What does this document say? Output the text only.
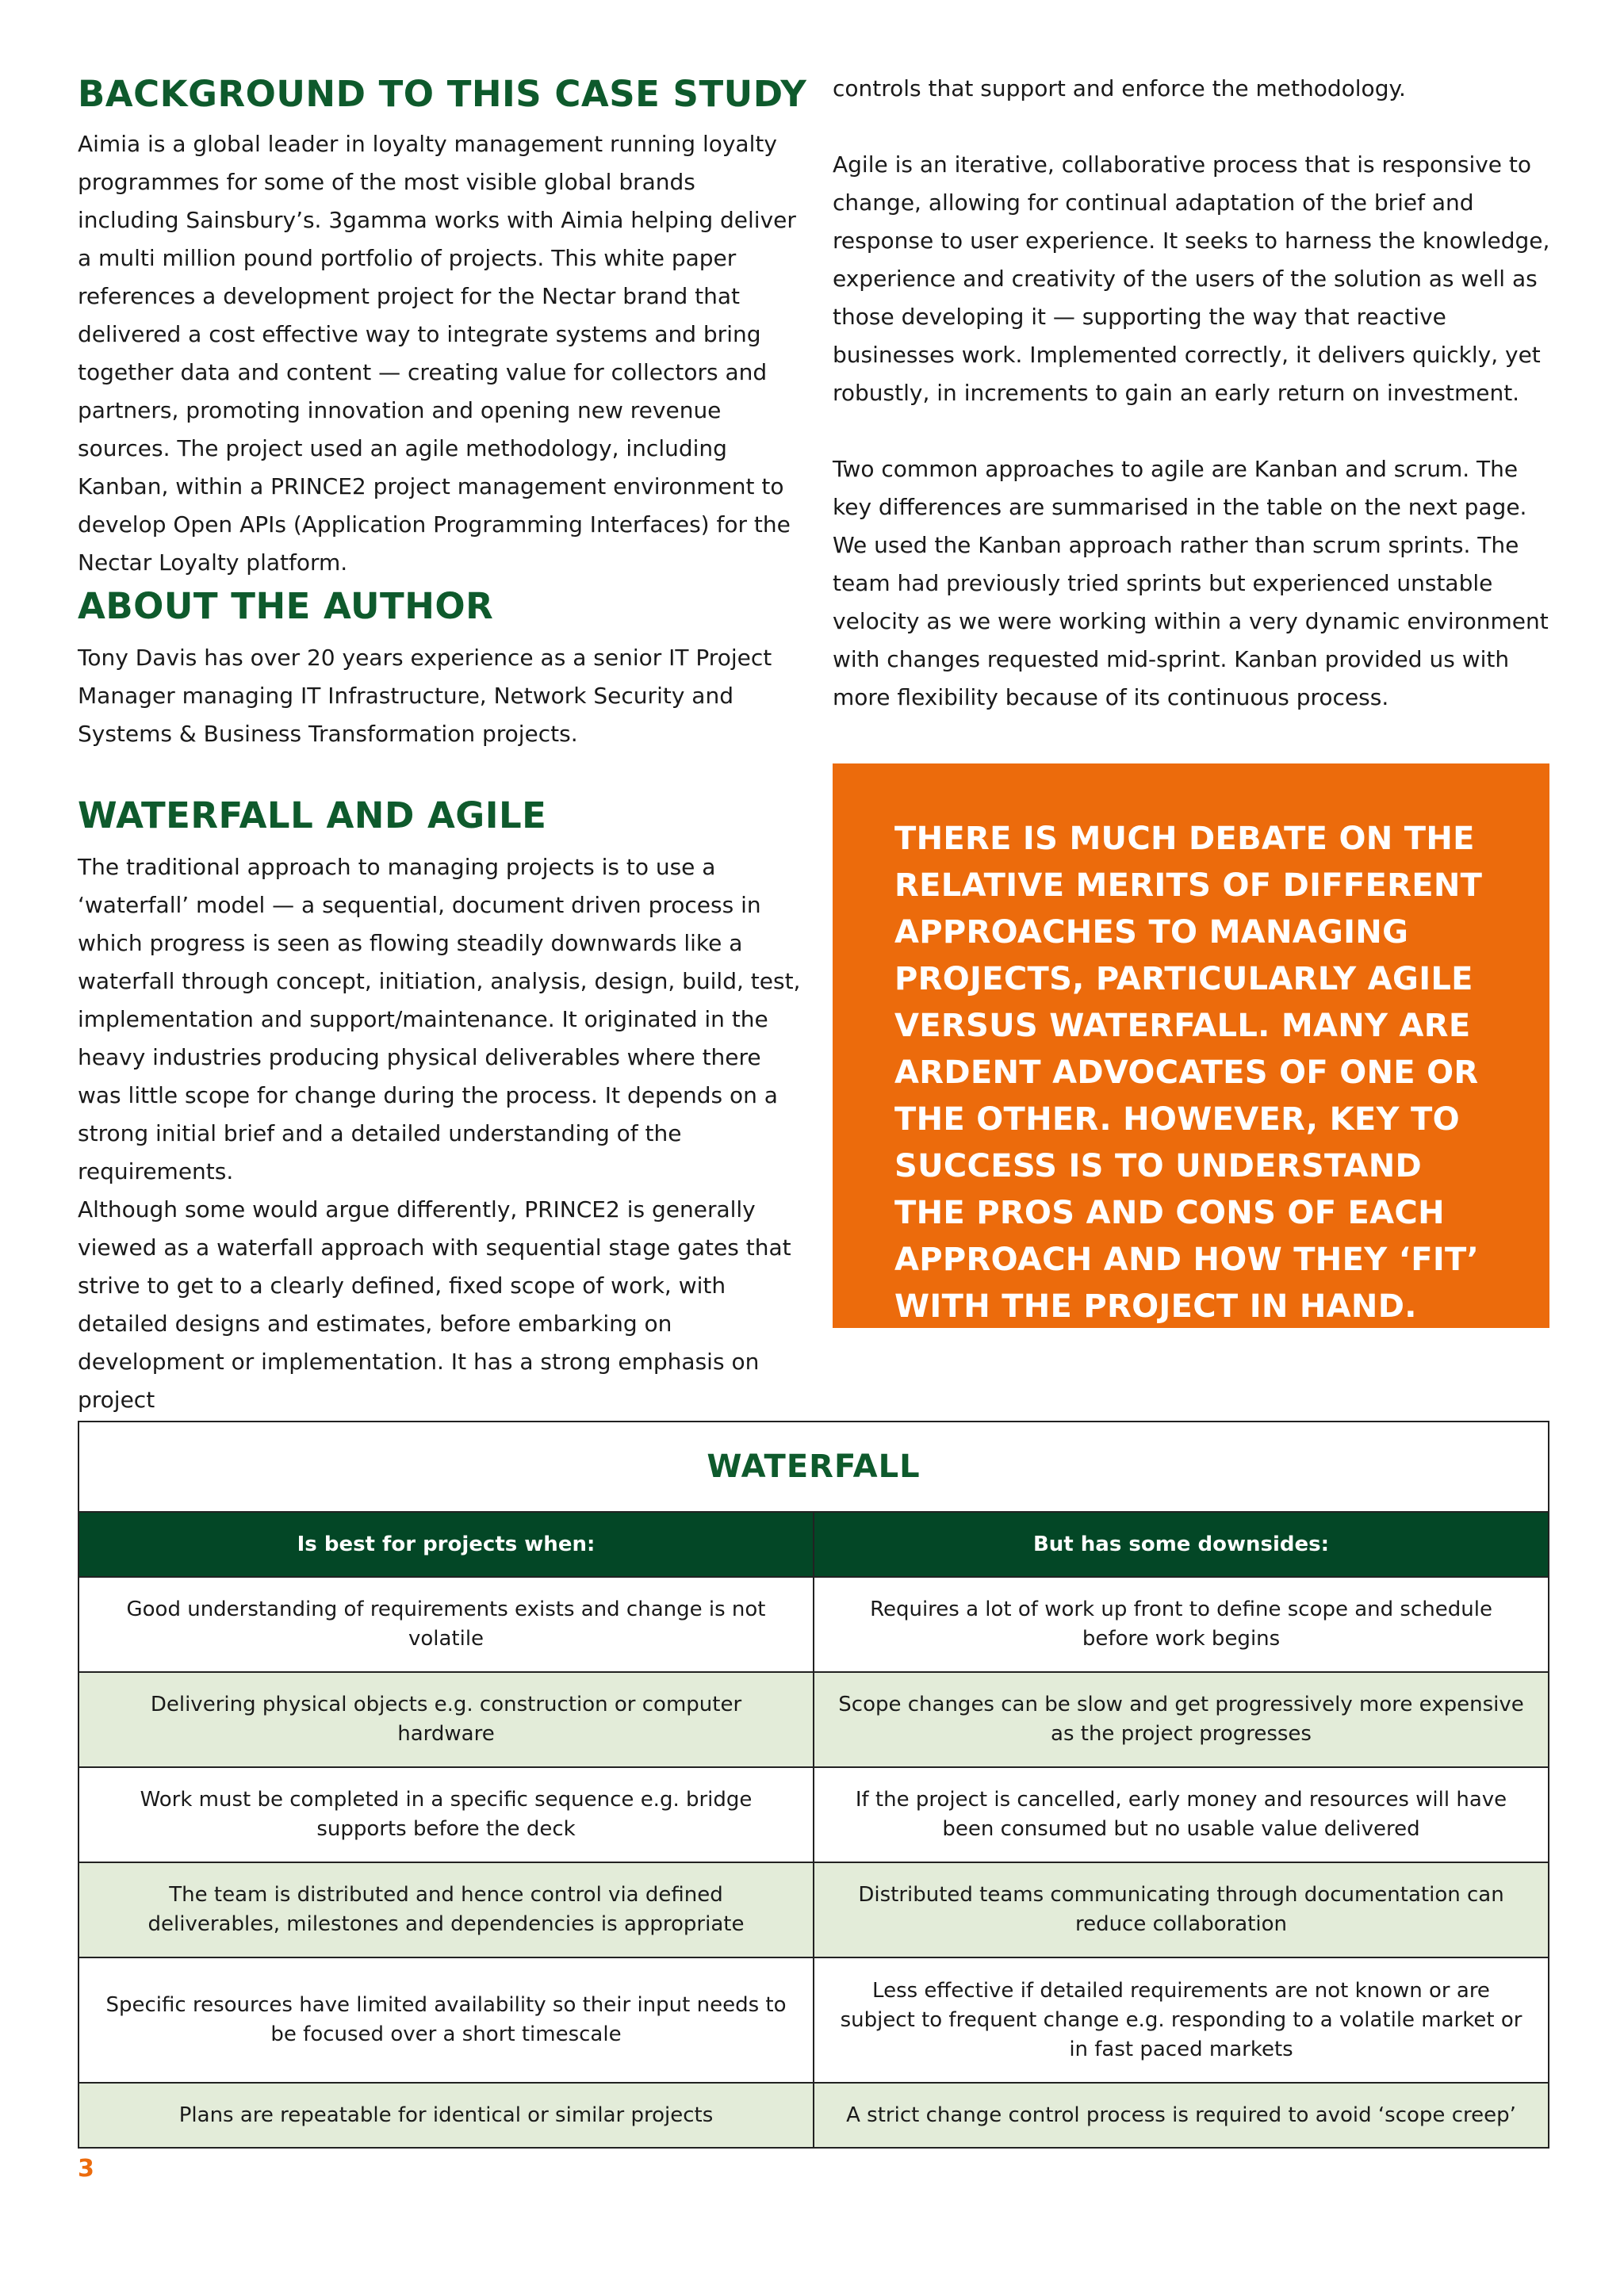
BACKGROUND TO THIS CASE STUDY

Aimia is a global leader in loyalty management running loyalty programmes for some of the most visible global brands including Sainsbury’s. 3gamma works with Aimia helping deliver a multi million pound portfolio of projects. This white paper references a development project for the Nectar brand that delivered a cost effective way to integrate systems and bring together data and content — creating value for collectors and partners, promoting innovation and opening new revenue sources. The project used an agile methodology, including Kanban, within a PRINCE2 project management environment to develop Open APIs (Application Programming Interfaces) for the Nectar Loyalty platform.

ABOUT THE AUTHOR

Tony Davis has over 20 years experience as a senior IT Project Manager managing IT Infrastructure, Network Security and Systems & Business Transformation projects.

WATERFALL AND AGILE

The traditional approach to managing projects is to use a ‘waterfall’ model — a sequential, document driven process in which progress is seen as flowing steadily downwards like a waterfall through concept, initiation, analysis, design, build, test, implementation and support/maintenance. It originated in the heavy industries producing physical deliverables where there was little scope for change during the process. It depends on a strong initial brief and a detailed understanding of the requirements.

Although some would argue differently, PRINCE2 is generally viewed as a waterfall approach with sequential stage gates that strive to get to a clearly defined, fixed scope of work, with detailed designs and estimates, before embarking on development or implementation. It has a strong emphasis on project

controls that support and enforce the methodology.

Agile is an iterative, collaborative process that is responsive to change, allowing for continual adaptation of the brief and response to user experience. It seeks to harness the knowledge, experience and creativity of the users of the solution as well as those developing it — supporting the way that reactive businesses work. Implemented correctly, it delivers quickly, yet robustly, in increments to gain an early return on investment.

Two common approaches to agile are Kanban and scrum. The key differences are summarised in the table on the next page. We used the Kanban approach rather than scrum sprints. The team had previously tried sprints but experienced unstable velocity as we were working within a very dynamic environment with changes requested mid-sprint. Kanban provided us with more flexibility because of its continuous process.

THERE IS MUCH DEBATE ON THE RELATIVE MERITS OF DIFFERENT APPROACHES TO MANAGING PROJECTS, PARTICULARLY AGILE VERSUS WATERFALL. MANY ARE ARDENT ADVOCATES OF ONE OR THE OTHER. HOWEVER, KEY TO SUCCESS IS TO UNDERSTAND THE PROS AND CONS OF EACH APPROACH AND HOW THEY ‘FIT’ WITH THE PROJECT IN HAND.

WATERFALL
Is best for projects when:	But has some downsides:
Good understanding of requirements exists and change is not volatile
Requires a lot of work up front to define scope and schedule before work begins
Delivering physical objects e.g. construction or computer hardware
Scope changes can be slow and get progressively more expensive as the project progresses
Work must be completed in a specific sequence e.g. bridge supports before the deck
If the project is cancelled, early money and resources will have been consumed but no usable value delivered
The team is distributed and hence control via defined deliverables, milestones and dependencies is appropriate
Distributed teams communicating through documentation can reduce collaboration
Specific resources have limited availability so their input needs to be focused over a short timescale
Less effective if detailed requirements are not known or are subject to frequent change e.g. responding to a volatile market or in fast paced markets
Plans are repeatable for identical or similar projects	A strict change control process is required to avoid ‘scope creep’
3
